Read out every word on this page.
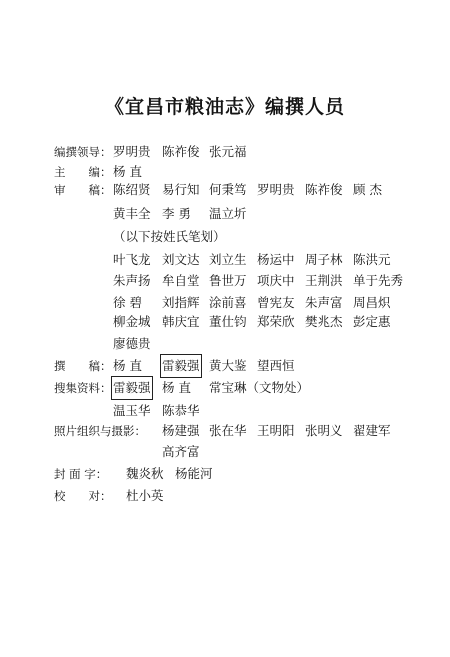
《宜昌市粮油志》编撰人员
编撰领导： 罗明贵 陈祚俊 张元福
主　　编： 杨 直
审　　稿： 陈绍贤 易行知 何秉笃 罗明贵 陈祚俊 顾 杰
黄丰全 李 勇 温立圻
（以下按姓氏笔划）
叶飞龙 刘文达 刘立生 杨运中 周子林 陈洪元
朱声扬 牟自堂 鲁世万 项庆中 王荆洪 单于先秀
徐 碧 刘指辉 涂前喜 曾宪友 朱声富 周昌炽
柳金城 韩庆宜 董仕钧 郑荣欣 樊兆杰 彭定惠
廖德贵
撰　　稿： 杨 直 雷毅强 黄大鉴 望西恒
搜集资料： 雷毅强 杨 直 常宝琳（文物处）
温玉华 陈恭华
照片组织与摄影： 杨建强 张在华 王明阳 张明义 翟建军
高齐富
封 面 字： 魏炎秋 杨能河
校　　对： 杜小英
